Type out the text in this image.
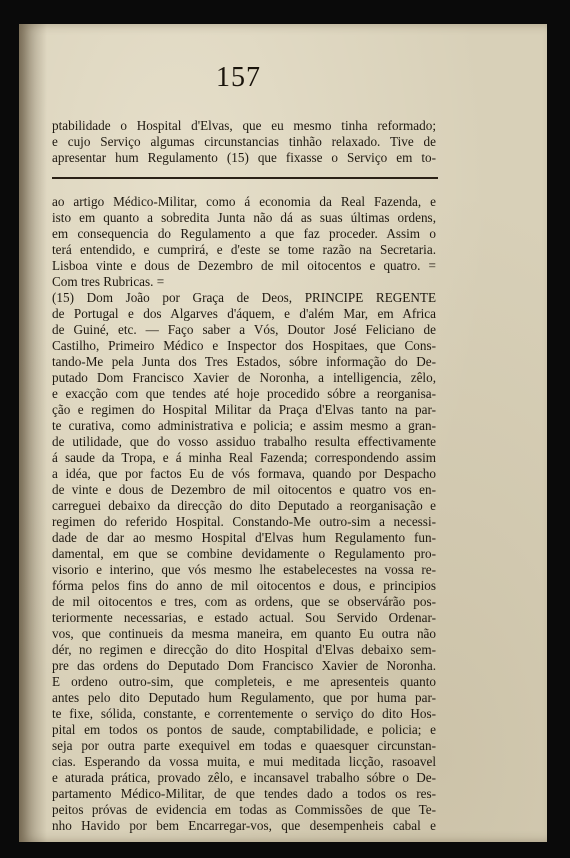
157
ptabilidade o Hospital d'Elvas, que eu mesmo tinha reformado;
e cujo Serviço algumas circunstancias tinhão relaxado. Tive de
apresentar hum Regulamento (15) que fixasse o Serviço em to-
ao artigo Médico-Militar, como á economia da Real Fazenda, e
isto em quanto a sobredita Junta não dá as suas últimas ordens,
em consequencia do Regulamento a que faz proceder. Assim o
terá entendido, e cumprirá, e d'este se tome razão na Secretaria.
Lisboa vinte e dous de Dezembro de mil oitocentos e quatro. =
Com tres Rubricas. =
(15) Dom João por Graça de Deos, PRINCIPE REGENTE
de Portugal e dos Algarves d'áquem, e d'além Mar, em Africa
de Guiné, etc. — Faço saber a Vós, Doutor José Feliciano de
Castilho, Primeiro Médico e Inspector dos Hospitaes, que Cons-
tando-Me pela Junta dos Tres Estados, sóbre informação do De-
putado Dom Francisco Xavier de Noronha, a intelligencia, zêlo,
e exacção com que tendes até hoje procedido sóbre a reorganisa-
ção e regimen do Hospital Militar da Praça d'Elvas tanto na par-
te curativa, como administrativa e policia; e assim mesmo a gran-
de utilidade, que do vosso assiduo trabalho resulta effectivamente
á saude da Tropa, e á minha Real Fazenda; correspondendo assim
a idéa, que por factos Eu de vós formava, quando por Despacho
de vinte e dous de Dezembro de mil oitocentos e quatro vos en-
carreguei debaixo da direcção do dito Deputado a reorganisação e
regimen do referido Hospital. Constando-Me outro-sim a necessi-
dade de dar ao mesmo Hospital d'Elvas hum Regulamento fun-
damental, em que se combine devidamente o Regulamento pro-
visorio e interino, que vós mesmo lhe estabelecestes na vossa re-
fórma pelos fins do anno de mil oitocentos e dous, e principios
de mil oitocentos e tres, com as ordens, que se observárão pos-
teriormente necessarias, e estado actual. Sou Servido Ordenar-
vos, que continueis da mesma maneira, em quanto Eu outra não
dér, no regimen e direcção do dito Hospital d'Elvas debaixo sem-
pre das ordens do Deputado Dom Francisco Xavier de Noronha.
E ordeno outro-sim, que completeis, e me apresenteis quanto
antes pelo dito Deputado hum Regulamento, que por huma par-
te fixe, sólida, constante, e correntemente o serviço do dito Hos-
pital em todos os pontos de saude, comptabilidade, e policia; e
seja por outra parte exequivel em todas e quaesquer circunstan-
cias. Esperando da vossa muita, e mui meditada licção, rasoavel
e aturada prática, provado zêlo, e incansavel trabalho sóbre o De-
partamento Médico-Militar, de que tendes dado a todos os res-
peitos próvas de evidencia em todas as Commissões de que Te-
nho Havido por bem Encarregar-vos, que desempenheis cabal e
